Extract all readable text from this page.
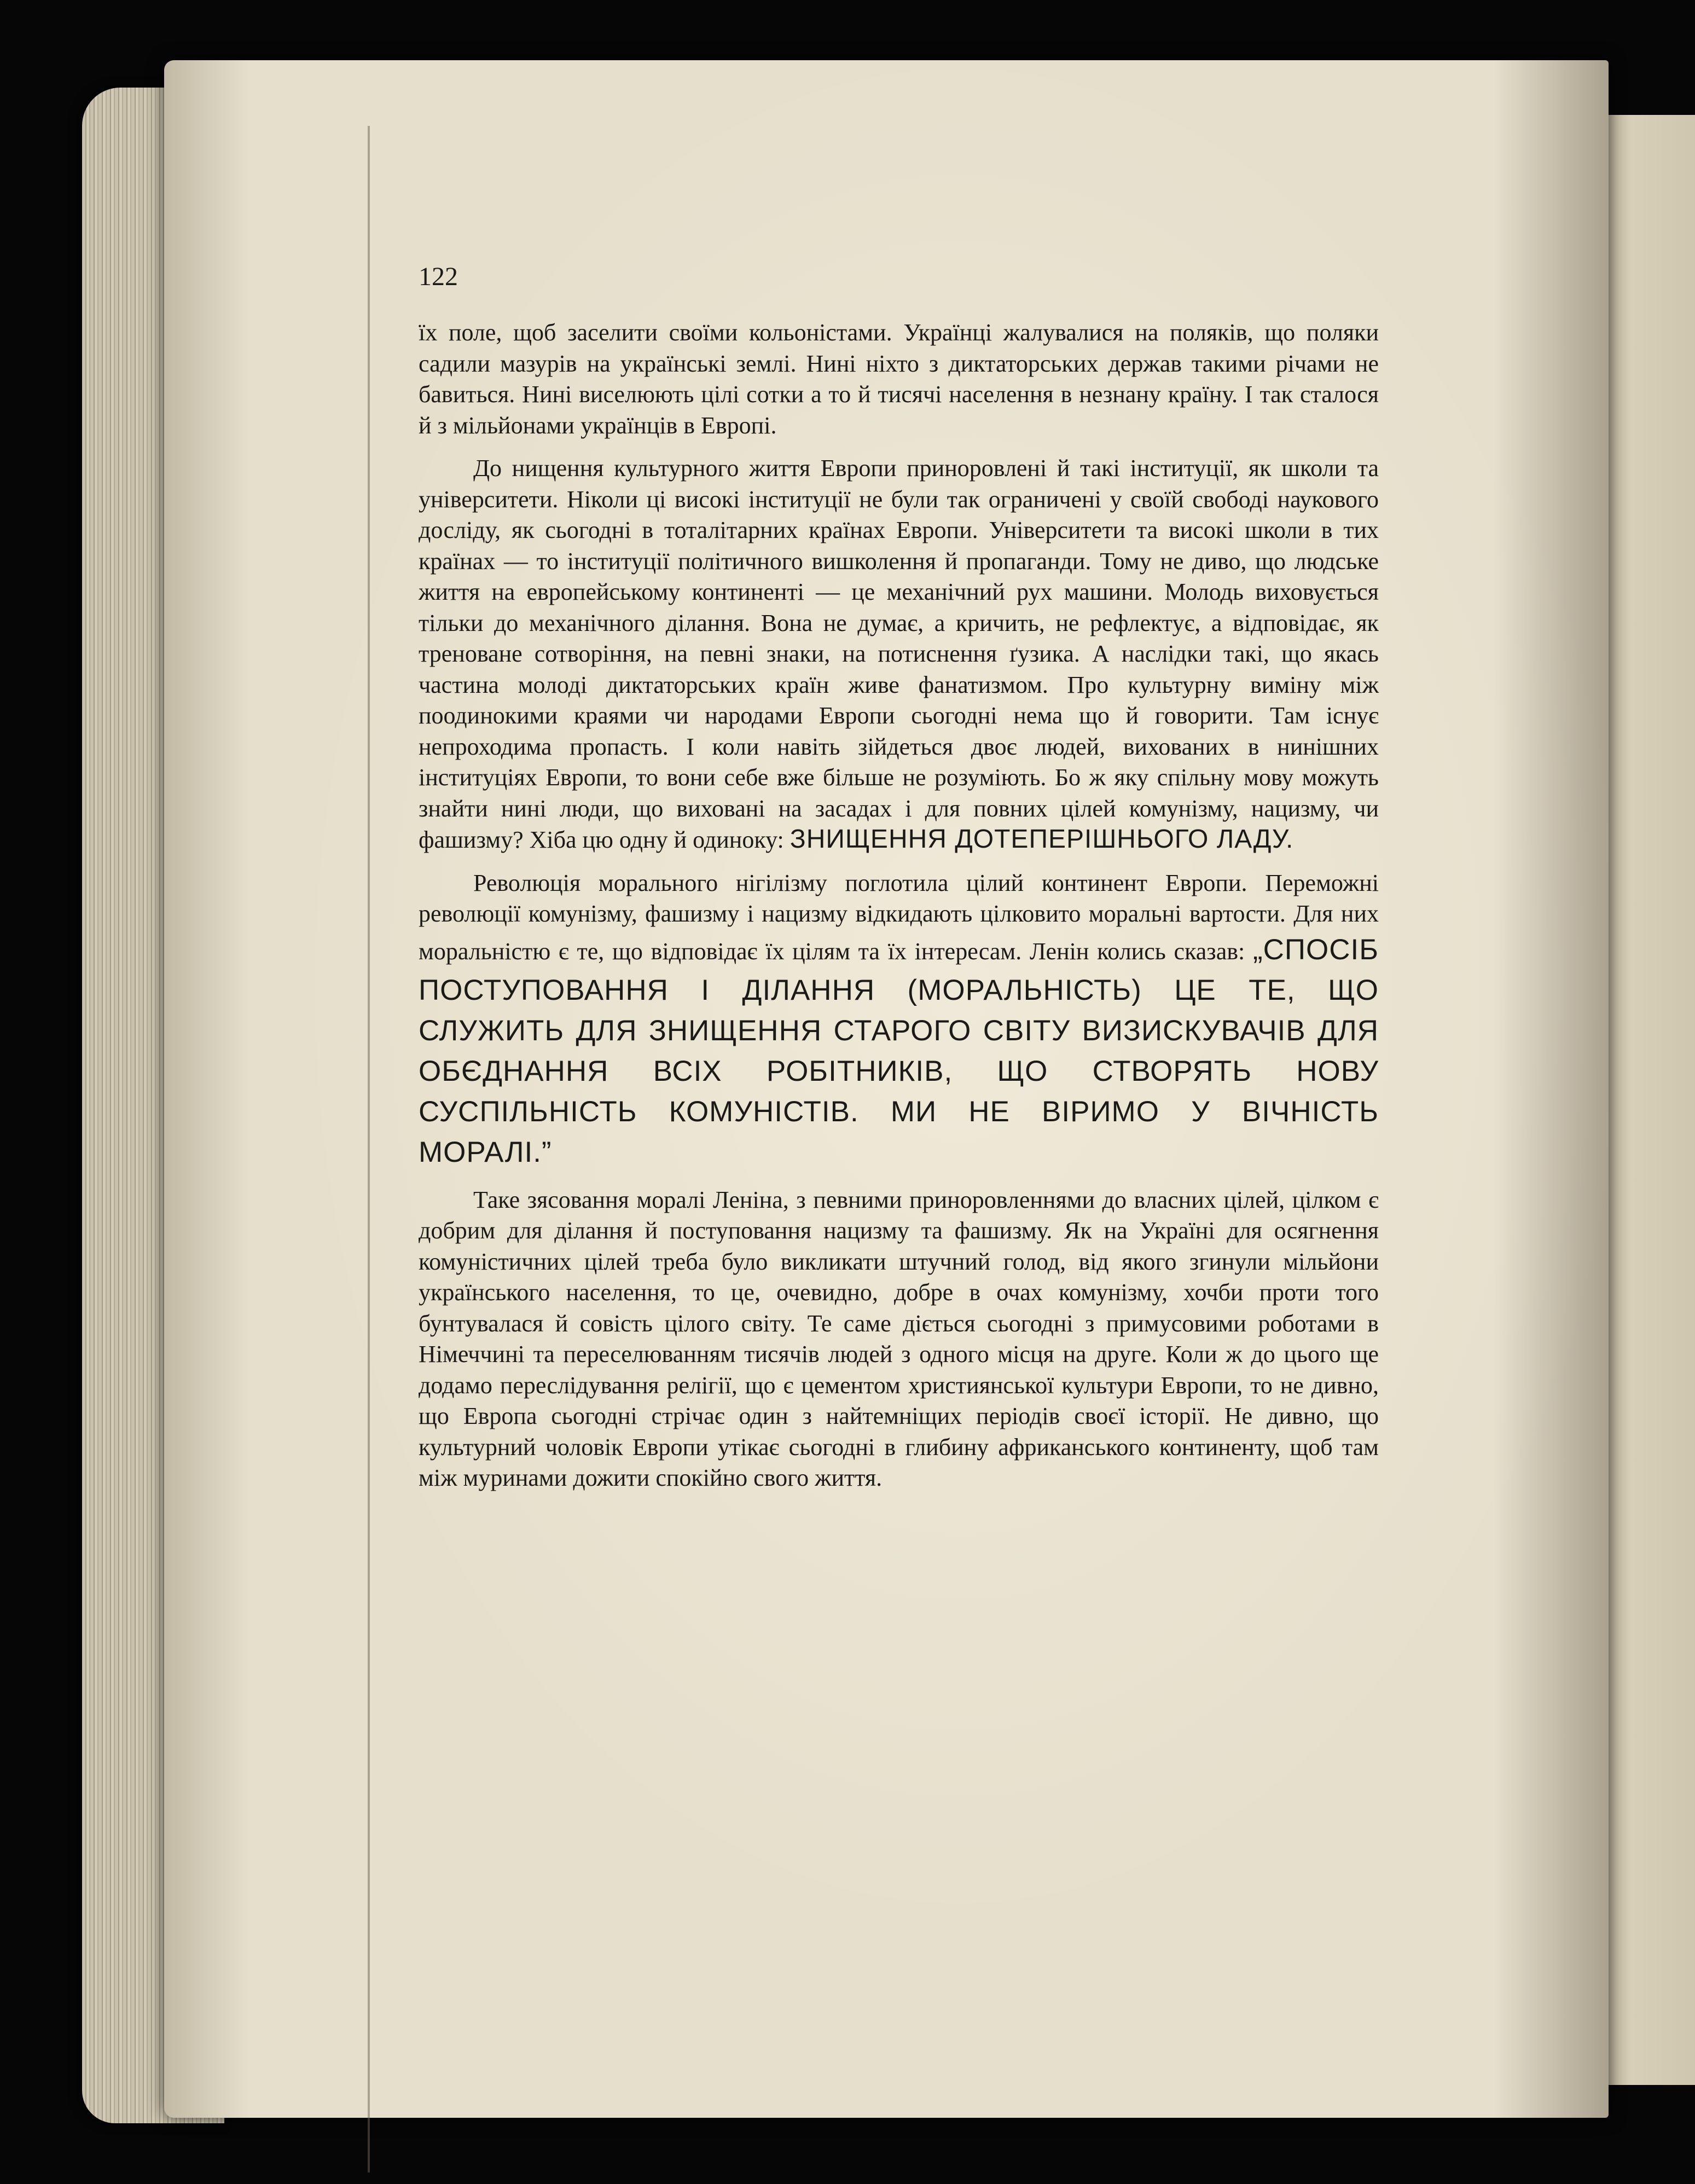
122

їх поле, щоб заселити своїми кольоністами. Українці жалувалися на поляків, що поляки садили мазурів на українські землі. Нині ніхто з диктаторських держав такими річами не бавиться. Нині виселюють цілі сотки а то й тисячі населення в незнану країну. І так сталося й з мільйонами українців в Европі.

До нищення культурного життя Европи приноровлені й такі інституції, як школи та університети. Ніколи ці високі інституції не були так ограничені у своїй свободі наукового досліду, як сьогодні в тоталітарних країнах Европи. Університети та високі школи в тих країнах — то інституції політичного вишколення й пропаганди. Тому не диво, що людське життя на европейському континенті — це механічний рух машини. Молодь виховується тільки до механічного ділання. Вона не думає, а кричить, не рефлектує, а відповідає, як треноване сотворіння, на певні знаки, на потиснення ґузика. А наслідки такі, що якась частина молоді диктаторських країн живе фанатизмом. Про культурну виміну між поодинокими краями чи народами Европи сьогодні нема що й говорити. Там існує непроходима пропасть. І коли навіть зійдеться двоє людей, вихованих в нинішних інституціях Европи, то вони себе вже більше не розуміють. Бо ж яку спільну мову можуть знайти нині люди, що виховані на засадах і для повних цілей комунізму, нацизму, чи фашизму? Хіба цю одну й одиноку: ЗНИЩЕННЯ ДОТЕПЕРІШНЬОГО ЛАДУ.

Революція морального нігілізму поглотила цілий континент Европи. Переможні революції комунізму, фашизму і нацизму відкидають цілковито моральні вартости. Для них моральністю є те, що відповідає їх цілям та їх інтересам. Ленін колись сказав: „СПОСІБ ПОСТУПОВАННЯ І ДІЛАННЯ (МОРАЛЬНІСТЬ) ЦЕ ТЕ, ЩО СЛУЖИТЬ ДЛЯ ЗНИЩЕННЯ СТАРОГО СВІТУ ВИЗИСКУВАЧІВ ДЛЯ ОБЄДНАННЯ ВСІХ РОБІТНИКІВ, ЩО СТВОРЯТЬ НОВУ СУСПІЛЬНІСТЬ КОМУНІСТІВ. МИ НЕ ВІРИМО У ВІЧНІСТЬ МОРАЛІ.”

Таке зясовання моралі Леніна, з певними приноровленнями до власних цілей, цілком є добрим для ділання й поступовання нацизму та фашизму. Як на Україні для осягнення комуністичних цілей треба було викликати штучний голод, від якого згинули мільйони українського населення, то це, очевидно, добре в очах комунізму, хочби проти того бунтувалася й совість цілого світу. Те саме діється сьогодні з примусовими роботами в Німеччині та переселюванням тисячів людей з одного місця на друге. Коли ж до цього ще додамо переслідування релігії, що є цементом християнської культури Европи, то не дивно, що Европа сьогодні стрічає один з найтемніщих періодів своєї історії. Не дивно, що культурний чоловік Европи утікає сьогодні в глибину африканського континенту, щоб там між муринами дожити спокійно свого життя.
